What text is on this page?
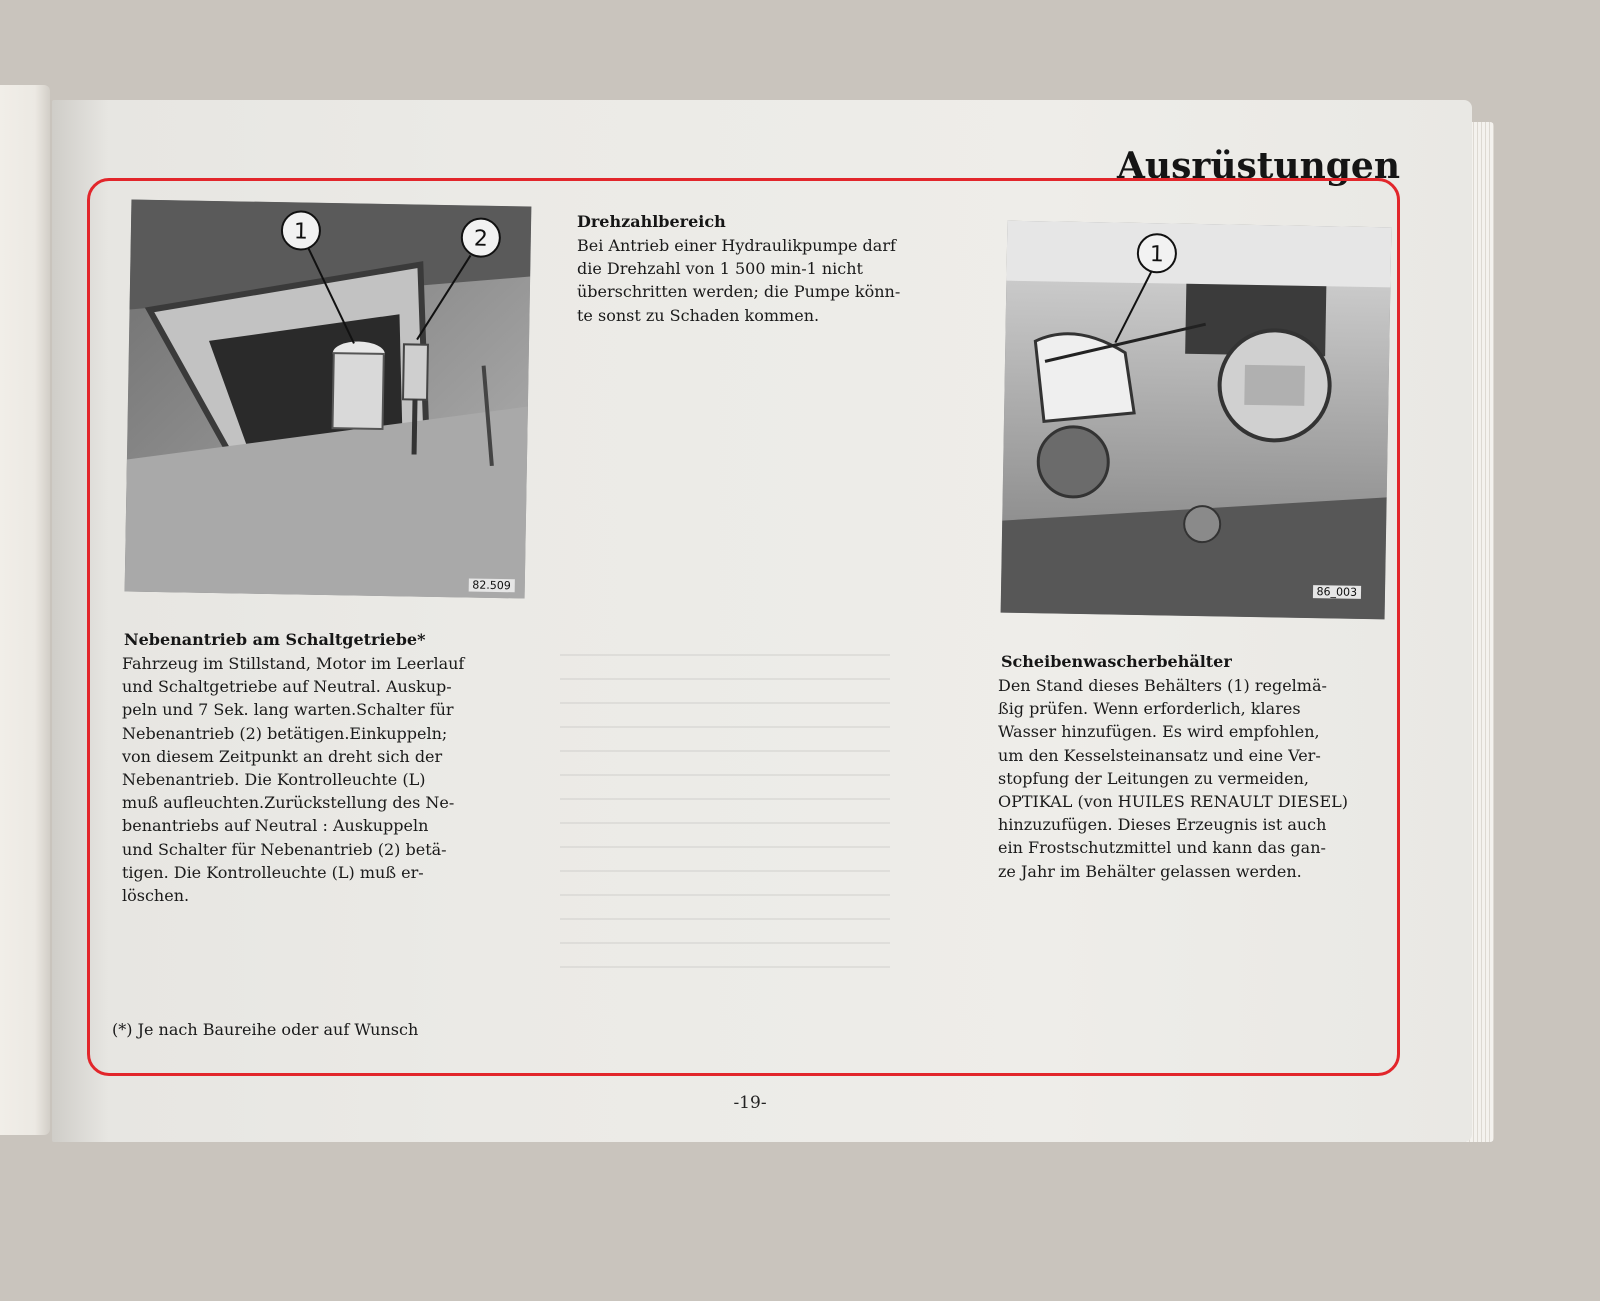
Ausrüstungen
1	2
82.509
1
86_003
Drehzahlbereich

Bei Antrieb einer Hydraulikpumpe darf
die Drehzahl von 1 500 min-1 nicht
überschritten werden; die Pumpe könn-
te sonst zu Schaden kommen.

Nebenantrieb am Schaltgetriebe*

Fahrzeug im Stillstand, Motor im Leerlauf
und Schaltgetriebe auf Neutral. Auskup-
peln und 7 Sek. lang warten.Schalter für
Nebenantrieb (2) betätigen.Einkuppeln;
von diesem Zeitpunkt an dreht sich der
Nebenantrieb. Die Kontrolleuchte (L)
muß aufleuchten.Zurückstellung des Ne-
benantriebs auf Neutral : Auskuppeln
und Schalter für Nebenantrieb (2) betä-
tigen. Die Kontrolleuchte (L) muß er-
löschen.

Scheibenwascherbehälter

Den Stand dieses Behälters (1) regelmä-
ßig prüfen. Wenn erforderlich, klares
Wasser hinzufügen. Es wird empfohlen,
um den Kesselsteinansatz und eine Ver-
stopfung der Leitungen zu vermeiden,
OPTIKAL (von HUILES RENAULT DIESEL)
hinzuzufügen. Dieses Erzeugnis ist auch
ein Frostschutzmittel und kann das gan-
ze Jahr im Behälter gelassen werden.

(*) Je nach Baureihe oder auf Wunsch
-19-
